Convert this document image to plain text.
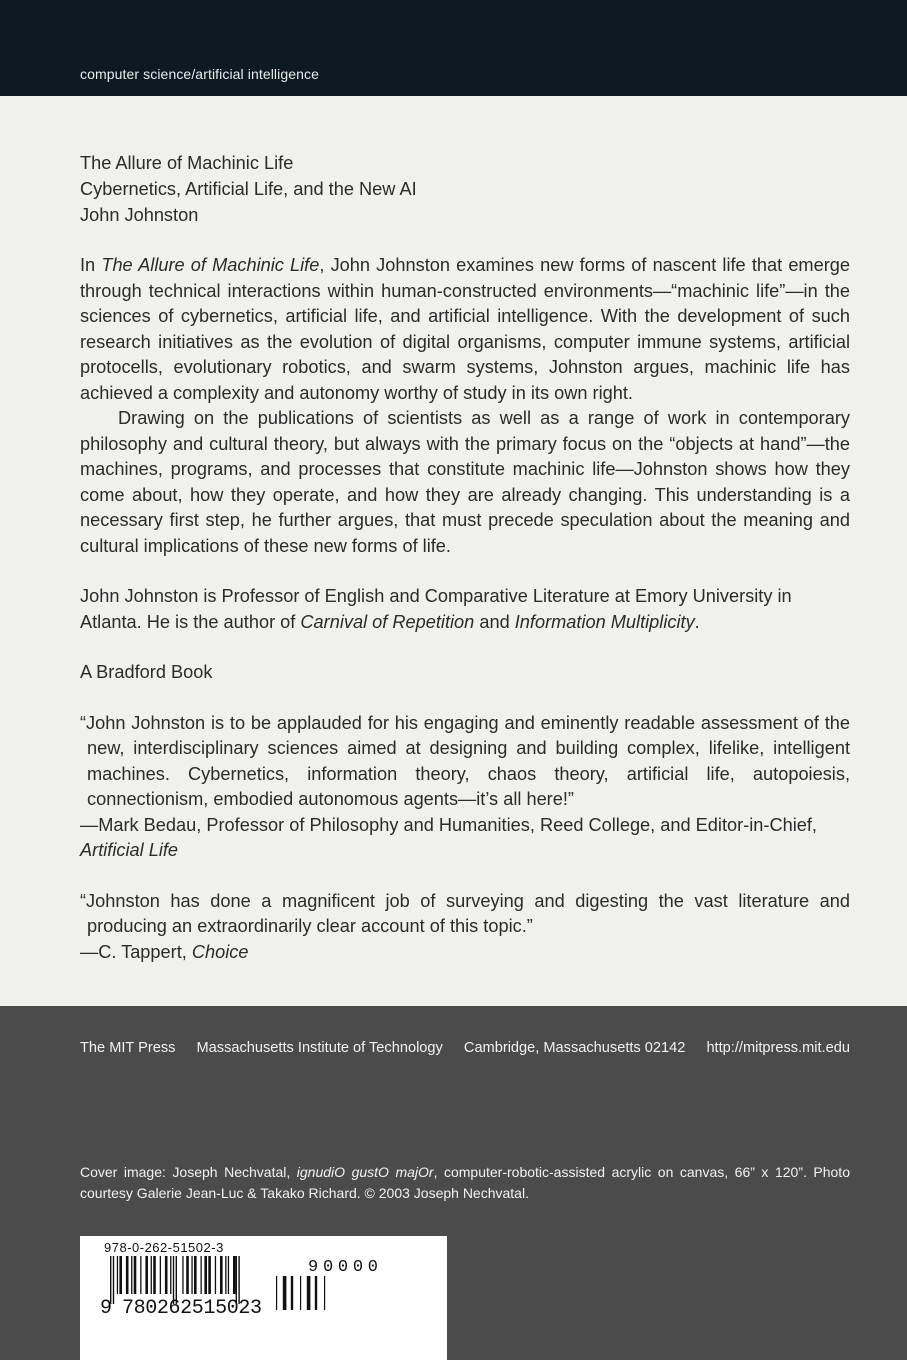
computer science/artificial intelligence
The Allure of Machinic Life
Cybernetics, Artificial Life, and the New AI
John Johnston

In The Allure of Machinic Life, John Johnston examines new forms of nascent life that emerge through technical interactions within human-constructed environments—“machinic life”—in the sciences of cybernetics, artificial life, and artificial intelligence. With the development of such research initiatives as the evolution of digital organisms, computer immune systems, artificial protocells, evolutionary robotics, and swarm systems, Johnston argues, machinic life has achieved a complexity and autonomy worthy of study in its own right.

Drawing on the publications of scientists as well as a range of work in contemporary philosophy and cultural theory, but always with the primary focus on the “objects at hand”—the machines, programs, and processes that constitute machinic life—Johnston shows how they come about, how they operate, and how they are already changing. This understanding is a necessary first step, he further argues, that must precede speculation about the meaning and cultural implications of these new forms of life.

John Johnston is Professor of English and Comparative Literature at Emory University in Atlanta. He is the author of Carnival of Repetition and Information Multiplicity.

A Bradford Book

“John Johnston is to be applauded for his engaging and eminently readable assessment of the new, interdisciplinary sciences aimed at designing and building complex, lifelike, intelligent machines. Cybernetics, information theory, chaos theory, artificial life, autopoiesis, connectionism, embodied autonomous agents—it’s all here!”

—Mark Bedau, Professor of Philosophy and Humanities, Reed College, and Editor-in-Chief,
Artificial Life

“Johnston has done a magnificent job of surveying and digesting the vast literature and producing an extraordinarily clear account of this topic.”

—C. Tappert, Choice

The MIT Press Massachusetts Institute of Technology Cambridge, Massachusetts 02142 http://mitpress.mit.edu
Cover image: Joseph Nechvatal, ignudiO gustO majOr, computer-robotic-assisted acrylic on canvas, 66” x 120”. Photo courtesy Galerie Jean-Luc & Takako Richard. © 2003 Joseph Nechvatal.
978-0-262-51502-3
9 780262515023
90000
